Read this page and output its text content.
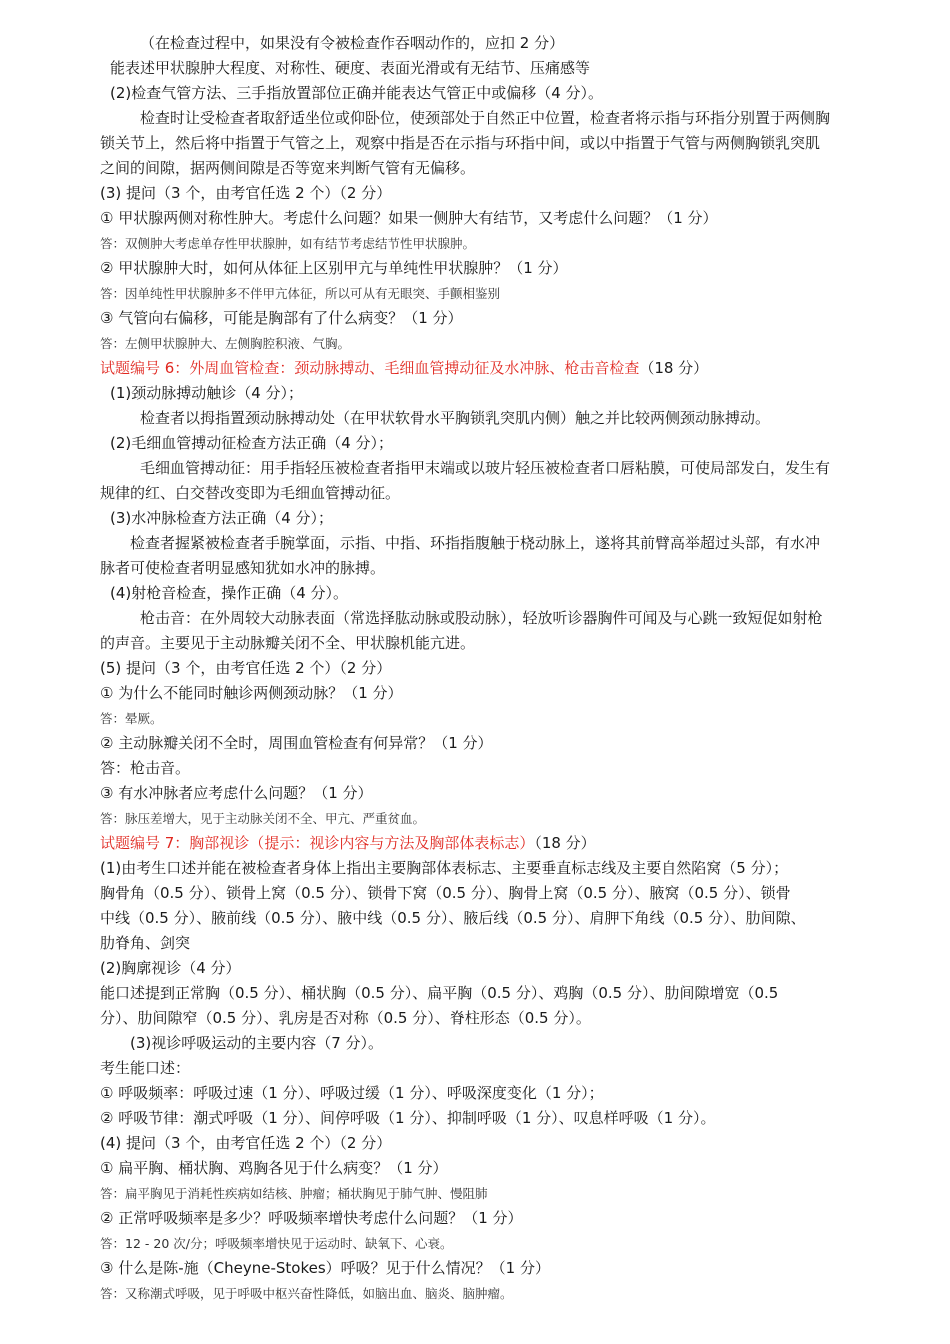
（在检查过程中，如果没有令被检查作吞咽动作的，应扣 2 分）
能表述甲状腺肿大程度、对称性、硬度、表面光滑或有无结节、压痛感等
(2)检查气管方法、三手指放置部位正确并能表达气管正中或偏移（4 分）。
检查时让受检查者取舒适坐位或仰卧位，使颈部处于自然正中位置，检查者将示指与环指分别置于两侧胸
锁关节上，然后将中指置于气管之上，观察中指是否在示指与环指中间，或以中指置于气管与两侧胸锁乳突肌
之间的间隙，据两侧间隙是否等宽来判断气管有无偏移。
(3) 提问（3 个，由考官任选 2 个）（2 分）
① 甲状腺两侧对称性肿大。考虑什么问题？如果一侧肿大有结节，又考虑什么问题？（1 分）
答：双侧肿大考虑单存性甲状腺肿，如有结节考虑结节性甲状腺肿。
② 甲状腺肿大时，如何从体征上区别甲亢与单纯性甲状腺肿？（1 分）
答：因单纯性甲状腺肿多不伴甲亢体征，所以可从有无眼突、手颤相鉴别
③ 气管向右偏移，可能是胸部有了什么病变？（1 分）
答：左侧甲状腺肿大、左侧胸腔积液、气胸。
试题编号 6：外周血管检查：颈动脉搏动、毛细血管搏动征及水冲脉、枪击音检查（18 分）
(1)颈动脉搏动触诊（4 分）；
检查者以拇指置颈动脉搏动处（在甲状软骨水平胸锁乳突肌内侧）触之并比较两侧颈动脉搏动。
(2)毛细血管搏动征检查方法正确（4 分）；
毛细血管搏动征：用手指轻压被检查者指甲末端或以玻片轻压被检查者口唇粘膜，可使局部发白，发生有
规律的红、白交替改变即为毛细血管搏动征。
(3)水冲脉检查方法正确（4 分）；
检查者握紧被检查者手腕掌面，示指、中指、环指指腹触于桡动脉上，遂将其前臂高举超过头部，有水冲
脉者可使检查者明显感知犹如水冲的脉搏。
(4)射枪音检查，操作正确（4 分）。
枪击音：在外周较大动脉表面（常选择肱动脉或股动脉），轻放听诊器胸件可闻及与心跳一致短促如射枪
的声音。主要见于主动脉瓣关闭不全、甲状腺机能亢进。
(5) 提问（3 个，由考官任选 2 个）（2 分）
① 为什么不能同时触诊两侧颈动脉？（1 分）
答：晕厥。
② 主动脉瓣关闭不全时，周围血管检查有何异常？（1 分）
答：枪击音。
③ 有水冲脉者应考虑什么问题？（1 分）
答：脉压差增大，见于主动脉关闭不全、甲亢、严重贫血。
试题编号 7：胸部视诊（提示：视诊内容与方法及胸部体表标志）（18 分）
(1)由考生口述并能在被检查者身体上指出主要胸部体表标志、主要垂直标志线及主要自然陷窝（5 分）；
胸骨角（0.5 分）、锁骨上窝（0.5 分）、锁骨下窝（0.5 分）、胸骨上窝（0.5 分）、腋窝（0.5 分）、锁骨
中线（0.5 分）、腋前线（0.5 分）、腋中线（0.5 分）、腋后线（0.5 分）、肩胛下角线（0.5 分）、肋间隙、
肋脊角、剑突
(2)胸廓视诊（4 分）
能口述提到正常胸（0.5 分）、桶状胸（0.5 分）、扁平胸（0.5 分）、鸡胸（0.5 分）、肋间隙增宽（0.5
分）、肋间隙窄（0.5 分）、乳房是否对称（0.5 分）、脊柱形态（0.5 分）。
(3)视诊呼吸运动的主要内容（7 分）。
考生能口述：
① 呼吸频率：呼吸过速（1 分）、呼吸过缓（1 分）、呼吸深度变化（1 分）；
② 呼吸节律：潮式呼吸（1 分）、间停呼吸（1 分）、抑制呼吸（1 分）、叹息样呼吸（1 分）。
(4) 提问（3 个，由考官任选 2 个）（2 分）
① 扁平胸、桶状胸、鸡胸各见于什么病变？（1 分）
答：扁平胸见于消耗性疾病如结核、肿瘤；桶状胸见于肺气肿、慢阻肺
② 正常呼吸频率是多少？呼吸频率增快考虑什么问题？（1 分）
答：12 - 20 次/分；呼吸频率增快见于运动时、缺氧下、心衰。
③ 什么是陈-施（Cheyne-Stokes）呼吸？见于什么情况？（1 分）
答：又称潮式呼吸，见于呼吸中枢兴奋性降低，如脑出血、脑炎、脑肿瘤。
